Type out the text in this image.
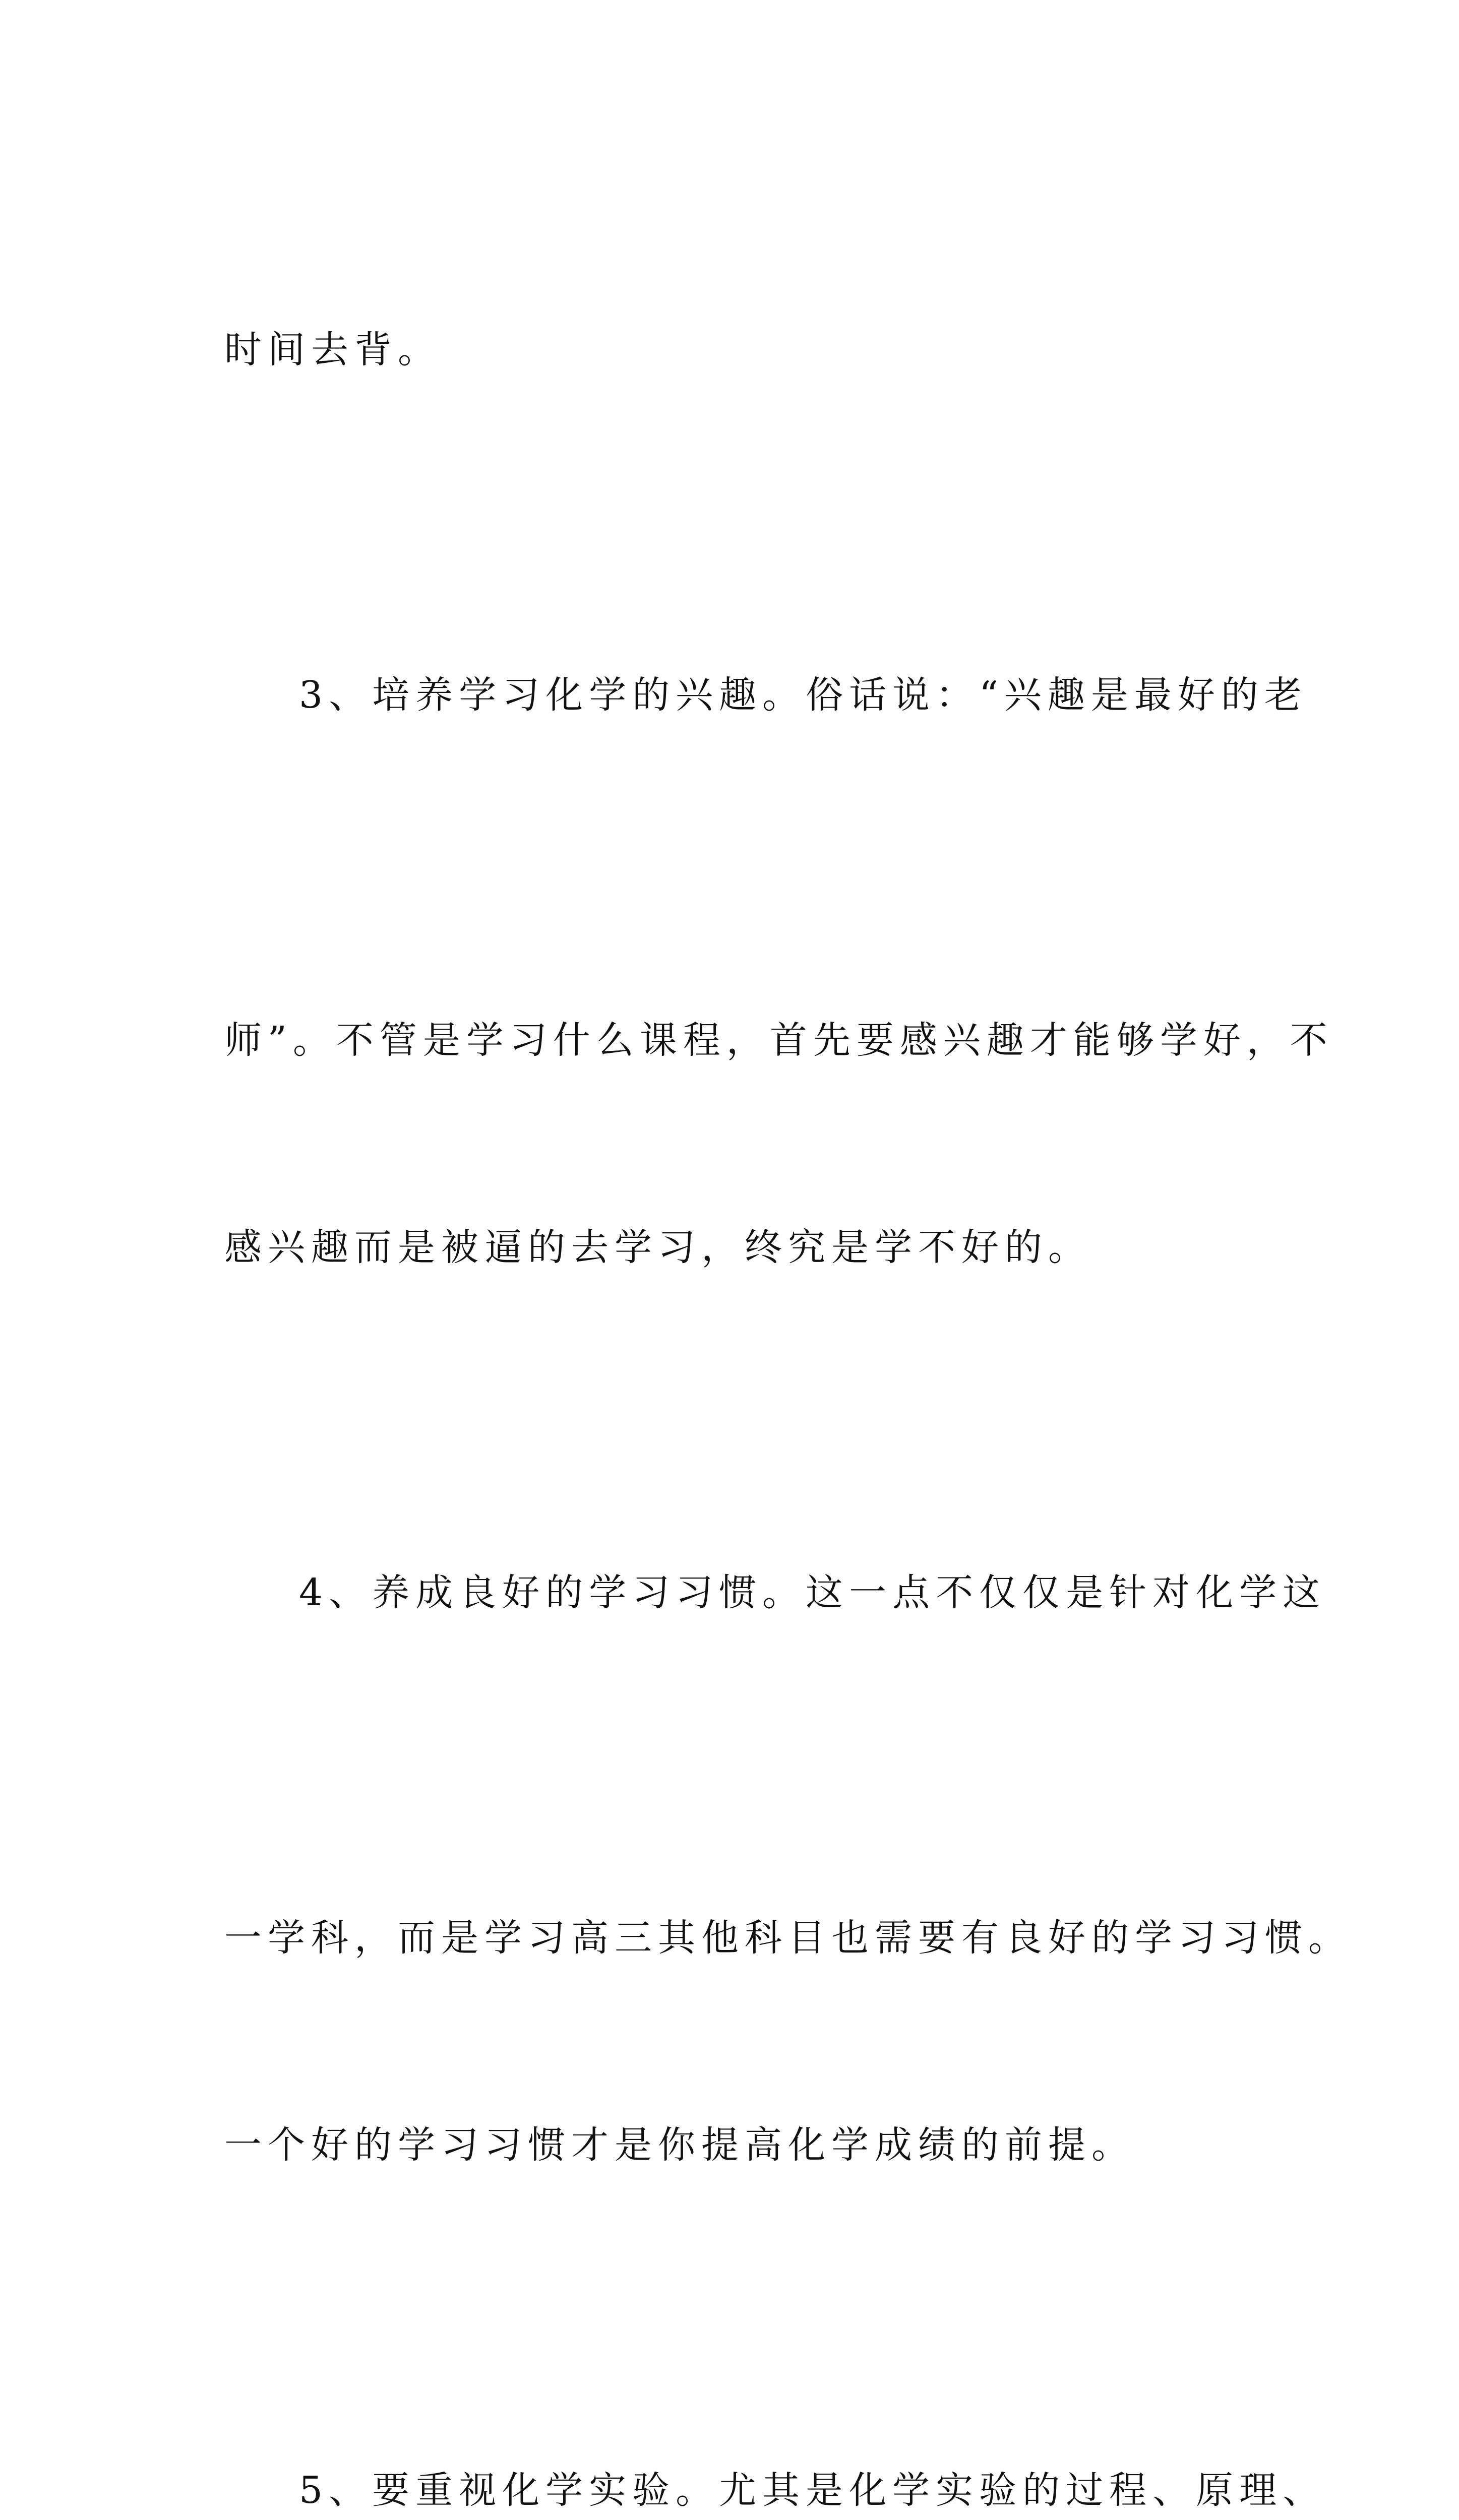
时间去背。

3、培养学习化学的兴趣。俗话说：“兴趣是最好的老

师”。不管是学习什么课程，首先要感兴趣才能够学好，不

感兴趣而是被逼的去学习，终究是学不好的。

4、养成良好的学习习惯。这一点不仅仅是针对化学这

一学科，而是学习高三其他科目也需要有良好的学习习惯。

一个好的学习习惯才是你提高化学成绩的前提。

5、要重视化学实验。尤其是化学实验的过程、原理、
